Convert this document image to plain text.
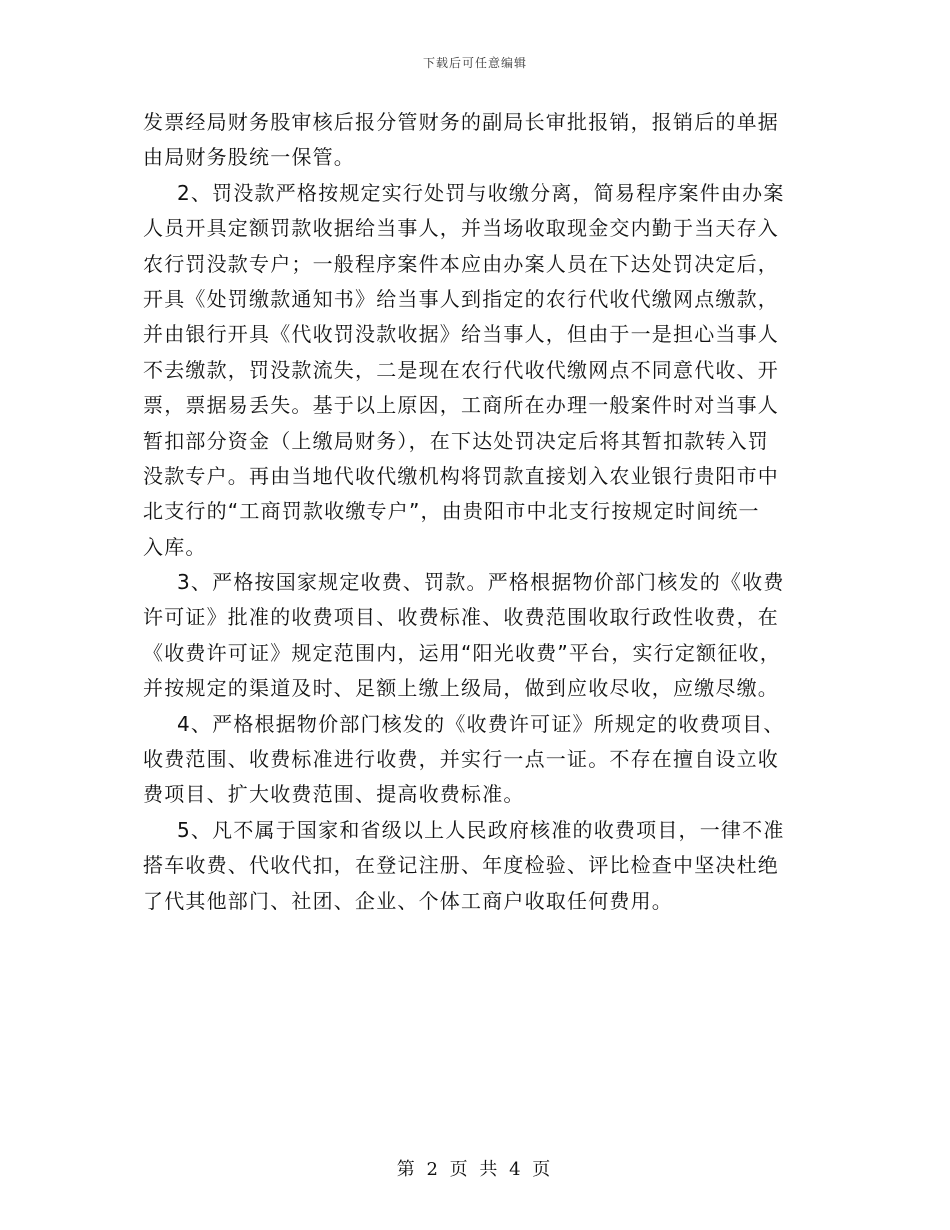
下载后可任意编辑
发票经局财务股审核后报分管财务的副局长审批报销，报销后的单据
由局财务股统一保管。
2、罚没款严格按规定实行处罚与收缴分离，简易程序案件由办案
人员开具定额罚款收据给当事人，并当场收取现金交内勤于当天存入
农行罚没款专户；一般程序案件本应由办案人员在下达处罚决定后，
开具《处罚缴款通知书》给当事人到指定的农行代收代缴网点缴款，
并由银行开具《代收罚没款收据》给当事人，但由于一是担心当事人
不去缴款，罚没款流失，二是现在农行代收代缴网点不同意代收、开
票，票据易丢失。基于以上原因，工商所在办理一般案件时对当事人
暂扣部分资金（上缴局财务），在下达处罚决定后将其暂扣款转入罚
没款专户。再由当地代收代缴机构将罚款直接划入农业银行贵阳市中
北支行的“工商罚款收缴专户”，由贵阳市中北支行按规定时间统一
入库。
3、严格按国家规定收费、罚款。严格根据物价部门核发的《收费
许可证》批准的收费项目、收费标准、收费范围收取行政性收费，在
《收费许可证》规定范围内，运用“阳光收费”平台，实行定额征收，
并按规定的渠道及时、足额上缴上级局，做到应收尽收，应缴尽缴。
4、严格根据物价部门核发的《收费许可证》所规定的收费项目、
收费范围、收费标准进行收费，并实行一点一证。不存在擅自设立收
费项目、扩大收费范围、提高收费标准。
5、凡不属于国家和省级以上人民政府核准的收费项目，一律不准
搭车收费、代收代扣，在登记注册、年度检验、评比检查中坚决杜绝
了代其他部门、社团、企业、个体工商户收取任何费用。
第 2 页 共 4 页
